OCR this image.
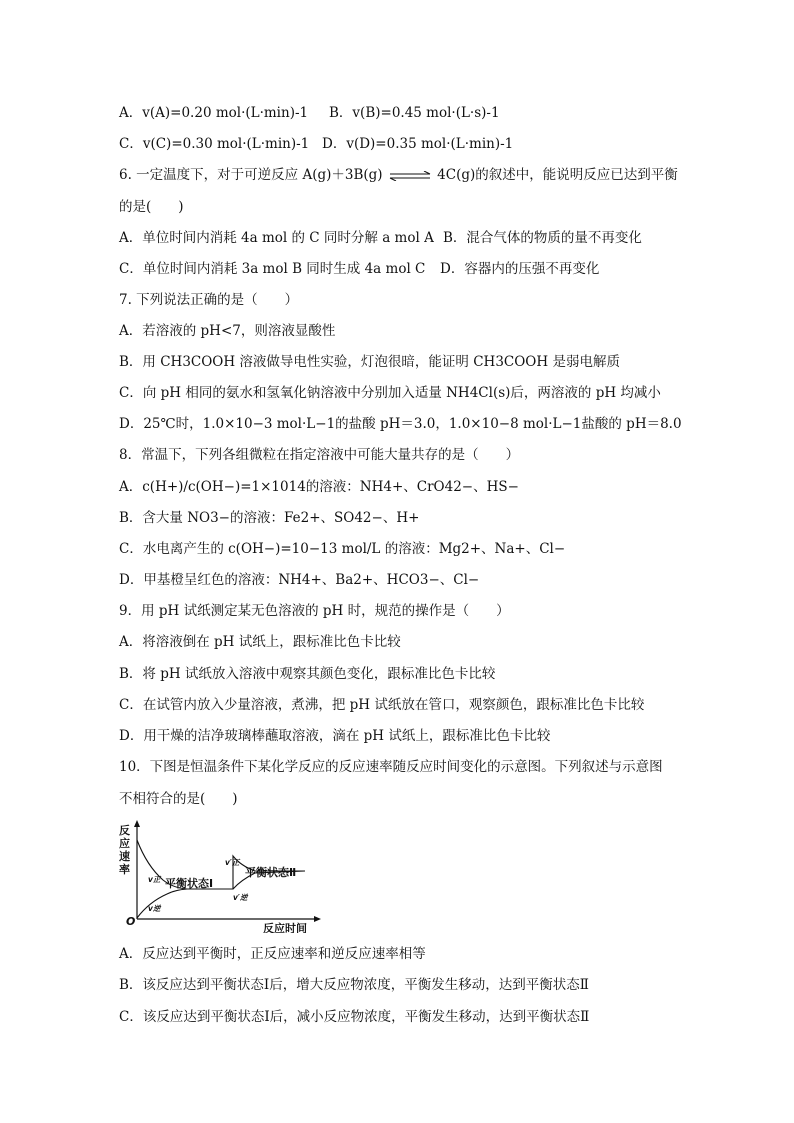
A．v(A)=0.20 mol·(L·min)-1 B．v(B)=0.45 mol·(L·s)-1
C．v(C)=0.30 mol·(L·min)-1 D．v(D)=0.35 mol·(L·min)-1
6. 一定温度下，对于可逆反应 A(g)＋3B(g) ⇌ 4C(g)的叙述中，能说明反应已达到平衡
的是(　　)
A．单位时间内消耗 4a mol 的 C 同时分解 a mol A B．混合气体的物质的量不再变化
C．单位时间内消耗 3a mol B 同时生成 4a mol C D．容器内的压强不再变化
7. 下列说法正确的是（　　）
A．若溶液的 pH<7，则溶液显酸性
B．用 CH3COOH 溶液做导电性实验，灯泡很暗，能证明 CH3COOH 是弱电解质
C．向 pH 相同的氨水和氢氧化钠溶液中分别加入适量 NH4Cl(s)后，两溶液的 pH 均减小
D．25℃时，1.0×10−3 mol·L−1的盐酸 pH＝3.0，1.0×10−8 mol·L−1盐酸的 pH＝8.0
8．常温下，下列各组微粒在指定溶液中可能大量共存的是（　　）
A．c(H+)/c(OH−)=1×1014的溶液：NH4+、CrO42−、HS−
B．含大量 NO3−的溶液：Fe2+、SO42−、H+
C．水电离产生的 c(OH−)=10−13 mol/L 的溶液：Mg2+、Na+、Cl−
D．甲基橙呈红色的溶液：NH4+、Ba2+、HCO3−、Cl−
9．用 pH 试纸测定某无色溶液的 pH 时，规范的操作是（　　）
A．将溶液倒在 pH 试纸上，跟标准比色卡比较
B．将 pH 试纸放入溶液中观察其颜色变化，跟标准比色卡比较
C．在试管内放入少量溶液，煮沸，把 pH 试纸放在管口，观察颜色，跟标准比色卡比较
D．用干燥的洁净玻璃棒蘸取溶液，滴在 pH 试纸上，跟标准比色卡比较
10．下图是恒温条件下某化学反应的反应速率随反应时间变化的示意图。下列叙述与示意图
不相符合的是(　　)
反
应
速
率
O
反应时间
v正
v逆
平衡状态Ⅰ
v′正
v′逆
平衡状态Ⅱ
A．反应达到平衡时，正反应速率和逆反应速率相等
B．该反应达到平衡状态Ⅰ后，增大反应物浓度，平衡发生移动，达到平衡状态Ⅱ
C．该反应达到平衡状态Ⅰ后，减小反应物浓度，平衡发生移动，达到平衡状态Ⅱ
